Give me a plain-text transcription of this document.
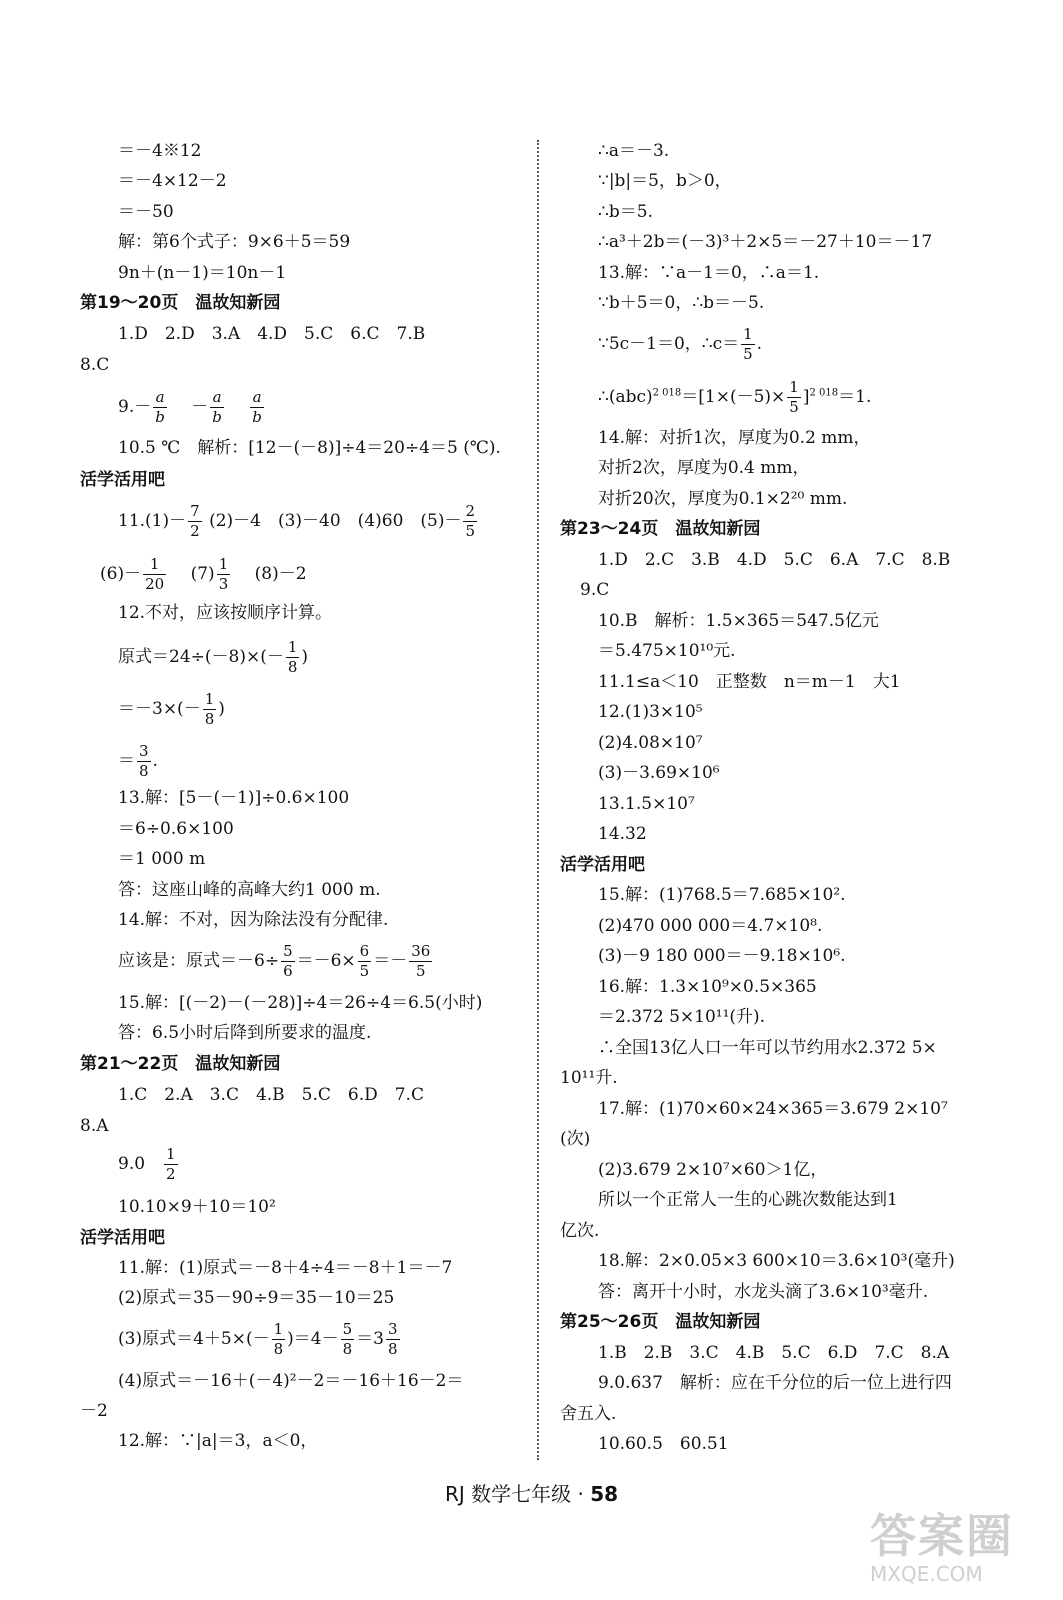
＝－4※12
＝－4×12－2
＝－50
解：第6个式子：9×6＋5＝59
9n＋(n－1)＝10n－1
第19～20页　温故知新园
1.D　2.D　3.A　4.D　5.C　6.C　7.B
8.C
$9.- \frac{a}{b}$ 　－ $\frac{a}{b}$
　 $\frac{a}{b}$
10.5 ℃　解析：[12－(－8)]÷4＝20÷4＝5 (℃).
活学活用吧
$11.(1)- \frac{7}{2} (2)-4$　(3)－40　(4)60　$(5)- \frac{2}{5}$
$(6)- \frac{1}{20}$
　 $(7) \frac{1}{3}$
　 (8)－2
12.不对，应该按顺序计算。
原式$=24\div(-8)\times(- \frac{1}{8}$ )
$=-3\times(- \frac{1}{8}$ )
＝ $\frac{3}{8}$ .
13.解：[5－(－1)]÷0.6×100
＝6÷0.6×100
＝1 000 m
答：这座山峰的高峰大约1 000 m.
14.解：不对，因为除法没有分配律.
应该是：原式$=-6\div \frac{5}{6} =-6\times \frac{6}{5} =- \frac{36}{5}$
15.解：[(－2)－(－28)]÷4＝26÷4＝6.5(小时)
答：6.5小时后降到所要求的温度.
第21～22页　温故知新园
1.C　2.A　3.C　4.B　5.C　6.D　7.C
8.A
9.0　 $\frac{1}{2}$
10.10×9＋10＝10²
活学活用吧
11.解：(1)原式＝－8＋4÷4＝－8＋1＝－7
(2)原式＝35－90÷9＝35－10＝25
(3)原式$=4+5\times(- \frac{1}{8} )=4- \frac{5}{8} =3 \frac{3}{8}$
(4)原式＝－16＋(－4)²－2＝－16＋16－2＝
－2
12.解：∵|a|＝3，a＜0，
∴a＝－3.
∵|b|＝5，b＞0，
∴b＝5.
∴a³＋2b＝(－3)³＋2×5＝－27＋10＝－17
13.解：∵a－1＝0，∴a＝1.
∵b＋5＝0，∴b＝－5.
∵5c－1＝0，∴c＝ $\frac{1}{5}$ .
∴(abc)$^{2 018}$＝[1×(－5)× $\frac{1}{5} ]^{2 018}=1$.
14.解：对折1次，厚度为0.2 mm，
对折2次，厚度为0.4 mm，
对折20次，厚度为0.1×2²⁰ mm.
第23～24页　温故知新园
1.D　2.C　3.B　4.D　5.C　6.A　7.C　8.B
9.C
10.B　解析：1.5×365＝547.5亿元
＝5.475×10¹⁰元.
11.1≤a＜10　正整数　n＝m－1　大1
12.(1)3×10⁵
(2)4.08×10⁷
(3)－3.69×10⁶
13.1.5×10⁷
14.32
活学活用吧
15.解：(1)768.5＝7.685×10².
(2)470 000 000＝4.7×10⁸.
(3)－9 180 000＝－9.18×10⁶.
16.解：1.3×10⁹×0.5×365
＝2.372 5×10¹¹(升).
∴全国13亿人口一年可以节约用水2.372 5×
10¹¹升.
17.解：(1)70×60×24×365＝3.679 2×10⁷
(次)
(2)3.679 2×10⁷×60＞1亿，
所以一个正常人一生的心跳次数能达到1
亿次.
18.解：2×0.05×3 600×10＝3.6×10³(毫升)
答：离开十小时，水龙头滴了3.6×10³毫升.
第25～26页　温故知新园
1.B　2.B　3.C　4.B　5.C　6.D　7.C　8.A
9.0.637　解析：应在千分位的后一位上进行四
舍五入.
10.60.5　60.51
RJ 数学七年级 · 58
答案圈
MXQE.COM
